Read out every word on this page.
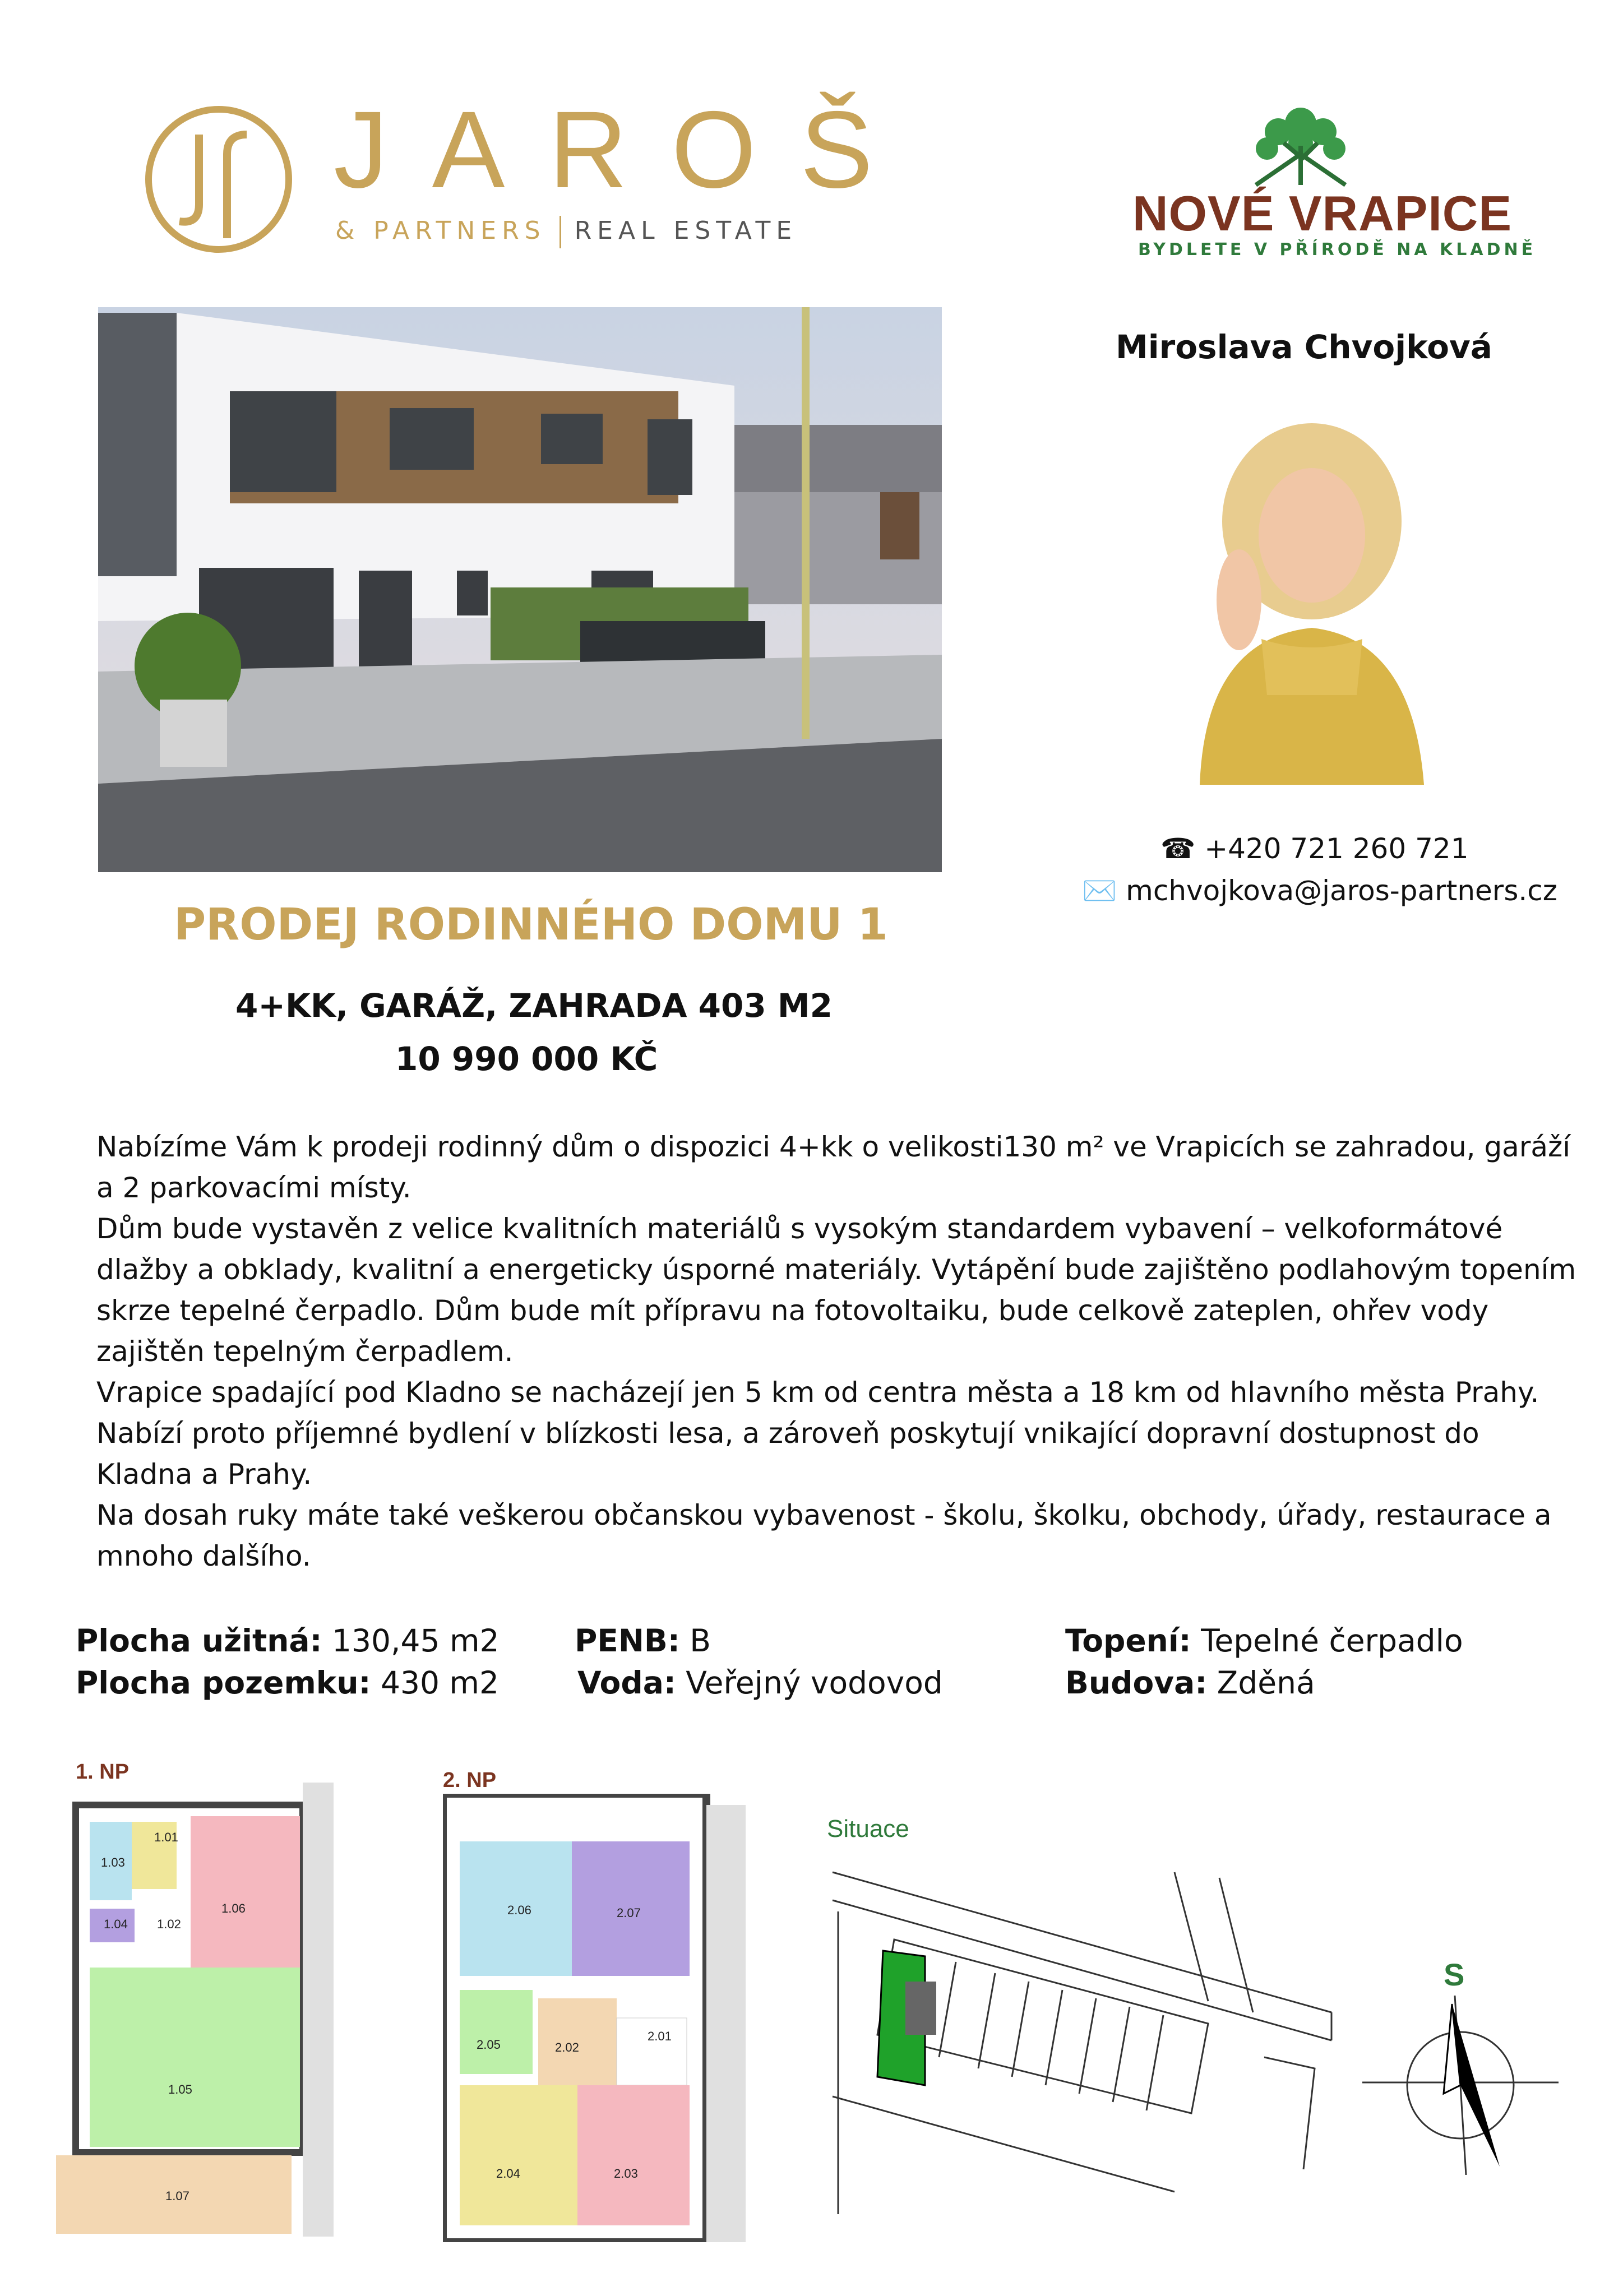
JAROŠ
& PARTNERS REAL ESTATE	NOVÉ VRAPICE
BYDLETE V PŘÍRODĚ NA KLADNĚ
Miroslava Chvojková
☎ +420 721 260 721
✉️ mchvojkova@jaros-partners.cz
PRODEJ RODINNÉHO DOMU 1
4+KK, GARÁŽ, ZAHRADA 403 M2
10 990 000 KČ

Nabízíme Vám k prodeji rodinný dům o dispozici 4+kk o velikosti130 m² ve Vrapicích se zahradou, garáží a 2 parkovacími místy.

Dům bude vystavěn z velice kvalitních materiálů s vysokým standardem vybavení – velkoformátové dlažby a obklady, kvalitní a energeticky úsporné materiály. Vytápění bude zajištěno podlahovým topením skrze tepelné čerpadlo. Dům bude mít přípravu na fotovoltaiku, bude celkově zateplen, ohřev vody zajištěn tepelným čerpadlem.

Vrapice spadající pod Kladno se nacházejí jen 5 km od centra města a 18 km od hlavního města Prahy. Nabízí proto příjemné bydlení v blízkosti lesa, a zároveň poskytují vnikající dopravní dostupnost do Kladna a Prahy.

Na dosah ruky máte také veškerou občanskou vybavenost - školu, školku, obchody, úřady, restaurace a mnoho dalšího.

Plocha užitná: 130,45 m2
Plocha pozemku: 430 m2
PENB: B
Voda: Veřejný vodovod
Topení: Tepelné čerpadlo
Budova: Zděná
1. NP
1.01
1.02
1.03
1.04
1.05
1.06
1.07
2. NP
2.01
2.02
2.03
2.04
2.05
2.06	2.07
Situace
S
